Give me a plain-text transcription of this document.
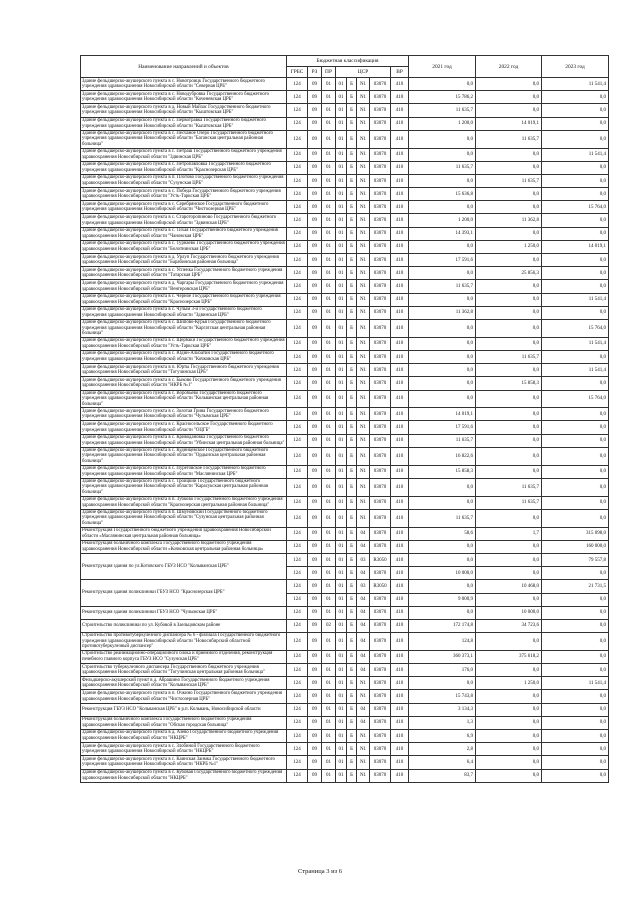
Наименование направлений и объектов	Бюджетная классификация								2021 год	2022 год	2023 год
	ГРБС	РЗ	ПР	ЦСР				ВР			
Здание фельдшерско-акушерского пункта в с. Новотроицк Государственного бюджетного учреждения здравоохранения Новосибирской области "Северная ЦРБ"	124	09	01	01	Б	N1	03070	410	0,0	0,0	11 541,4
Здание фельдшерско-акушерского пункта в с. Новодубровка Государственного бюджетного учреждения здравоохранения Новосибирской области "Коченевская ЦРБ"	124	09	01	01	Б	N1	03070	410	15 786,2	0,0	0,0
Здание фельдшерско-акушерского пункта в д. Новый Майзас Государственного бюджетного учреждения здравоохранения Новосибирской области "Кыштовская ЦРБ"	124	09	01	01	Б	N1	03070	410	11 635,7	0,0	0,0
Здание фельдшерско-акушерского пункта в с. Первотравка Государственного бюджетного учреждения здравоохранения Новосибирской области "Кыштовская ЦРБ"	124	09	01	01	Б	N1	03070	410	1 200,0	14 019,1	0,0
Здание фельдшерско-акушерского пункта в с. Песчаное Озеро Государственного бюджетного учреждения здравоохранения Новосибирской области "Баганская центральная районная больница"	124	09	01	01	Б	N1	03070	410	0,0	11 635,7	0,0
Здание фельдшерско-акушерского пункта в с. Петраш Государственного бюджетного учреждения здравоохранения Новосибирской области "Здвинская ЦРБ"	124	09	01	01	Б	N1	03070	410	0,0	0,0	11 541,4
Здание фельдшерско-акушерского пункта в с. Петропавловка Государственного бюджетного учреждения здравоохранения Новосибирской области "Краснозерская ЦРБ"	124	09	01	01	Б	N1	03070	410	11 635,7	0,0	0,0
Здание фельдшерско-акушерского пункта в п. Плотово Государственного бюджетного учреждения здравоохранения Новосибирской области "Сузунская ЦРБ"	124	09	01	01	Б	N1	03070	410	0,0	11 635,7	0,0
Здание фельдшерско-акушерского пункта в с. Победа Государственного бюджетного учреждения здравоохранения Новосибирской области "Усть-Таркская ЦРБ"	124	09	01	01	Б	N1	03070	410	15 636,8	0,0	0,0
Здание фельдшерско-акушерского пункта в с. Серебрянское Государственного бюджетного учреждения здравоохранения Новосибирской области "Чистоозерная ЦРБ"	124	09	01	01	Б	N1	03070	410	0,0	0,0	15 764,0
Здание фельдшерско-акушерского пункта в с. Староторопиново Государственного бюджетного учреждения здравоохранения Новосибирской области "Здвинская ЦРБ"	124	09	01	01	Б	N1	03070	410	1 200,0	11 362,8	0,0
Здание фельдшерско-акушерского пункта в с. Тихая Государственного бюджетного учреждения здравоохранения Новосибирской области "Чановская ЦРБ"	124	09	01	01	Б	N1	03070	410	14 393,1	0,0	0,0
Здание фельдшерско-акушерского пункта в с. Турнаево Государственного бюджетного учреждения здравоохранения Новосибирской области "Болотнинская ЦРБ"	124	09	01	01	Б	N1	03070	410	0,0	1 250,0	14 019,1
Здание фельдшерско-акушерского пункта в д. Урлуп Государственного бюджетного учреждения здравоохранения Новосибирской области "Барабинская районная больница"	124	09	01	01	Б	N1	03070	410	17 591,6	0,0	0,0
Здание фельдшерско-акушерского пункта в с. Успенка Государственного бюджетного учреждения здравоохранения Новосибирской области "Татарская ЦРБ"	124	09	01	01	Б	N1	03070	410	0,0	25 856,3	0,0
Здание фельдшерско-акушерского пункта в д. Чаргары Государственного бюджетного учреждения здравоохранения Новосибирской области "Венгеровская ЦРБ"	124	09	01	01	Б	N1	03070	410	11 635,7	0,0	0,0
Здание фельдшерско-акушерского пункта в с. Черное Государственного бюджетного учреждения здравоохранения Новосибирской области "Краснозерская ЦРБ"	124	09	01	01	Б	N1	03070	410	0,0	0,0	11 541,4
Здание фельдшерско-акушерского пункта в с. Чулым 3-й Государственного бюджетного учреждения здравоохранения Новосибирской области "Здвинская ЦРБ"	124	09	01	01	Б	N1	03070	410	11 362,8	0,0	0,0
Здание фельдшерско-акушерского пункта в с. Шипово-Курья Государственного бюджетного учреждения здравоохранения Новосибирской области "Каргатская центральная районная больница"	124	09	01	01	Б	N1	03070	410	0,0	0,0	15 764,0
Здание фельдшерско-акушерского пункта в с. Щербаки Государственного бюджетного учреждения здравоохранения Новосибирской области "Усть-Таркская ЦРБ"	124	09	01	01	Б	N1	03070	410	0,0	0,0	11 541,4
Здание фельдшерско-акушерского пункта в с. Юдин-Альбатин Государственного бюджетного учреждения здравоохранения Новосибирской области "Кочковская ЦРБ"	124	09	01	01	Б	N1	03070	410	0,0	11 635,7	0,0
Здание фельдшерско-акушерского пункта в п. Юрты Государственного бюджетного учреждения здравоохранения Новосибирской области "Тогучинская ЦРБ"	124	09	01	01	Б	N1	03070	410	0,0	0,0	11 541,4
Здание фельдшерско-акушерского пункта в с. Быково Государственного бюджетного учреждения здравоохранения Новосибирской области "НКРБ №1"	124	09	01	01	Б	N1	03070	410	0,0	15 858,3	0,0
Здание фельдшерско-акушерского пункта в с. Воробьево Государственного бюджетного учреждения здравоохранения Новосибирской области "Кольванская центральная районная больница"	124	09	01	01	Б	N1	03070	410	0,0	0,0	15 764,0
Здание фельдшерско-акушерского пункта в с. Золотая Грива Государственного бюджетного учреждения здравоохранения Новосибирской области "Чулымская ЦРБ"	124	09	01	01	Б	N1	03070	410	14 019,1	0,0	0,0
Здание фельдшерско-акушерского пункта в с. Красносельское Государственного бюджетного учреждения здравоохранения Новосибирской области "ОЦГБ"	124	09	01	01	Б	N1	03070	410	17 591,6	0,0	0,0
Здание фельдшерско-акушерского пункта в с. Криводановка Государственного бюджетного учреждения здравоохранения Новосибирской области "Убинская центральная районная больница"	124	09	01	01	Б	N1	03070	410	11 635,7	0,0	0,0
Здание фельдшерско-акушерского пункта в с. Кудинцевское Государственного бюджетного учреждения здравоохранения Новосибирской области "Ордынская центральная районная больница"	124	09	01	01	Б	N1	03070	410	16 822,6	0,0	0,0
Здание фельдшерско-акушерского пункта в с. Пуреговское Государственного бюджетного учреждения здравоохранения Новосибирской области "Маслянинская ЦРБ"	124	09	01	01	Б	N1	03070	410	15 858,3	0,0	0,0
Здание фельдшерско-акушерского пункта в с. Троицкий Государственного бюджетного учреждения здравоохранения Новосибирской области "Карасукская центральная районная больница"	124	09	01	01	Б	N1	03070	410	0,0	11 635,7	0,0
Здание фельдшерско-акушерского пункта в п. Зубково Государственного бюджетного учреждения здравоохранения Новосибирской области "Краснозерская центральная районная больница"	124	09	01	01	Б	N1	03070	410	0,0	11 635,7	0,0
Здание фельдшерско-акушерского пункта в п. Шмуновский Государственного бюджетного учреждения здравоохранения Новосибирской области "Сузунская центральная районная больница"	124	09	01	01	Б	N1	03070	410	11 635,7	0,0	0,0
Реконструкция Государственного бюджетного учреждения здравоохранения Новосибирской области «Маслянинская центральная районная больница»	124	09	01	01	Б	04	03070	410	58,6	1,7	315 098,0
Реконструкция больничного комплекса Государственного бюджетного учреждения здравоохранения Новосибирской области «Кочковская центральная районная больница»	124	09	01	01	Б	04	03070	410	0,0	0,0	160 000,0
Реконструкция здания по ул.Котовского ГБУЗ НСО "Колыванская ЦРБ"	124	09	01	01	Б	03	R3050	410	0,0	0,0	79 557,8
	124	09	01	01	Б	04	03070	410	10 000,0	0,0	0,0
Реконструкция здания поликлиники ГБУЗ НСО "Краснозерская ЦРБ"	124	09	01	01	Б	03	R3050	410	0,0	10 468,0	21 731,5
	124	09	01	01	Б	04	03070	410	9 000,9	0,0	0,0
Реконструкция здания поликлиники ГБУЗ НСО "Чулымская ЦРБ"	124	09	01	01	Б	04	03070	410	0,0	10 000,0	0,0
Строительство поликлиники по ул. Кубовой в Заельцовском районе	124	09	02	01	Б	04	03070	410	172 174,8	34 723,6	0,0
Строительство противотуберкулезного диспансера № 6 - филиала Государственного бюджетного учреждения здравоохранения Новосибирской области "Новосибирский областной противотуберкулезный диспансер"	124	09	01	01	Б	04	03070	410	124,8	0,0	0,0
Строительство реанимационно-операционного блока и приемного отделения, реконструкция печебного главного корпуса ГБУЗ НСО "Сузунская ЦРБ"	124	09	01	01	Б	04	03070	410	360 373,1	375 618,2	0,0
Строительство туберкулезного диспансера Государственного бюджетного учреждения здравоохранения Новосибирской области "Тогучинская центральная районная больница"	124	09	01	01	Б	04	03070	410	176,0	0,0	0,0
Фельдшерско-акушерский пункт в д. Абрашино Государственного бюджетного учреждения здравоохранения Новосибирской области "Колыванская ЦРБ"	124	09	01	01	Б	N1	03070	410	0,0	1 250,0	11 541,4
Здание фельдшерско-акушерского пункта в п. Очкино Государственного бюджетного учреждения здравоохранения Новосибирской области "Чистоозерная ЦРБ"	124	09	01	01	Б	N1	03070	410	15 743,8	0,0	0,0
Реконструкция ГБУЗ НСО "Кольванская ЦРБ" в р.п. Кольвань, Новосибирской области	124	09	01	01	Б	04	03070	410	3 134,3	0,0	0,0
Реконструкция больничного комплекса Государственного бюджетного учреждения здравоохранения Новосибирской области "Обская городская больница"	124	09	01	01	Б	04	03070	410	1,3	0,0	0,0
Здание фельдшерско-акушерского пункта в д. Азево Государственного бюджетного учреждения здравоохранения Новосибирской области "НКЦРБ"	124	09	01	01	Б	N1	03070	410	6,9	0,0	0,0
Здание фельдшерско-акушерского пункта в с. Злобиной Государственного бюджетного учреждения здравоохранения Новосибирской области "НКЦРБ"	124	09	01	01	Б	N1	03070	410	2,8	0,0	0,0
Здание фельдшерско-акушерского пункта в с. Каинская Заимка Государственного бюджетного учреждения здравоохранения Новосибирской области "НКРБ №1"	124	09	01	01	Б	N1	03070	410	6,4	0,0	0,0
Здание фельдшерско-акушерского пункта в с. Кубовая Государственного бюджетного учреждения здравоохранения Новосибирской области "НКЦРБ"	124	09	01	01	Б	N1	03070	410	83,7	0,0	0,0
Страница 3 из 6
